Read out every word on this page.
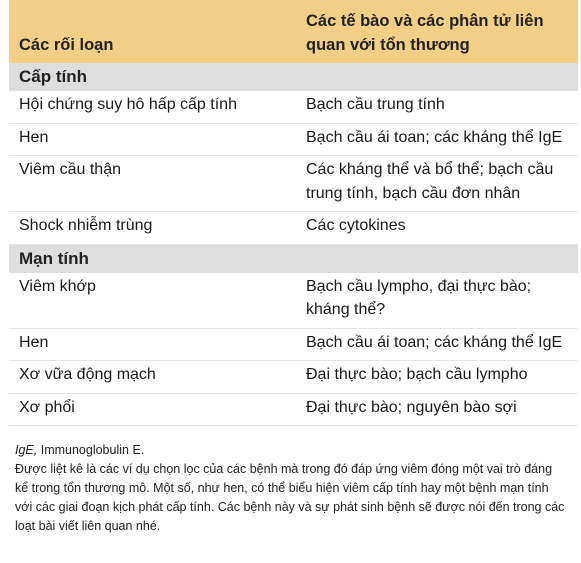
Các rối loạn	Các tế bào và các phân tử liên quan với tổn thương
Cấp tính	
Hội chứng suy hô hấp cấp tính	Bạch cầu trung tính
Hen	Bạch cầu ái toan; các kháng thể IgE
Viêm cầu thận	Các kháng thể và bổ thể; bạch cầu trung tính, bạch cầu đơn nhân
Shock nhiễm trùng	Các cytokines
Mạn tính	
Viêm khớp	Bạch cầu lympho, đại thực bào; kháng thể?
Hen	Bạch cầu ái toan; các kháng thể IgE
Xơ vữa động mạch	Đại thực bào; bạch cầu lympho
Xơ phổi	Đại thực bào; nguyên bào sợi

IgE, Immunoglobulin E.

Được liệt kê là các ví dụ chọn lọc của các bệnh mà trong đó đáp ứng viêm đóng một vai trò đáng kể trong tổn thương mô. Một số, như hen, có thể biểu hiện viêm cấp tính hay một bệnh mạn tính với các giai đoạn kịch phát cấp tính. Các bệnh này và sự phát sinh bệnh sẽ được nói đến trong các loạt bài viết liên quan nhé.
